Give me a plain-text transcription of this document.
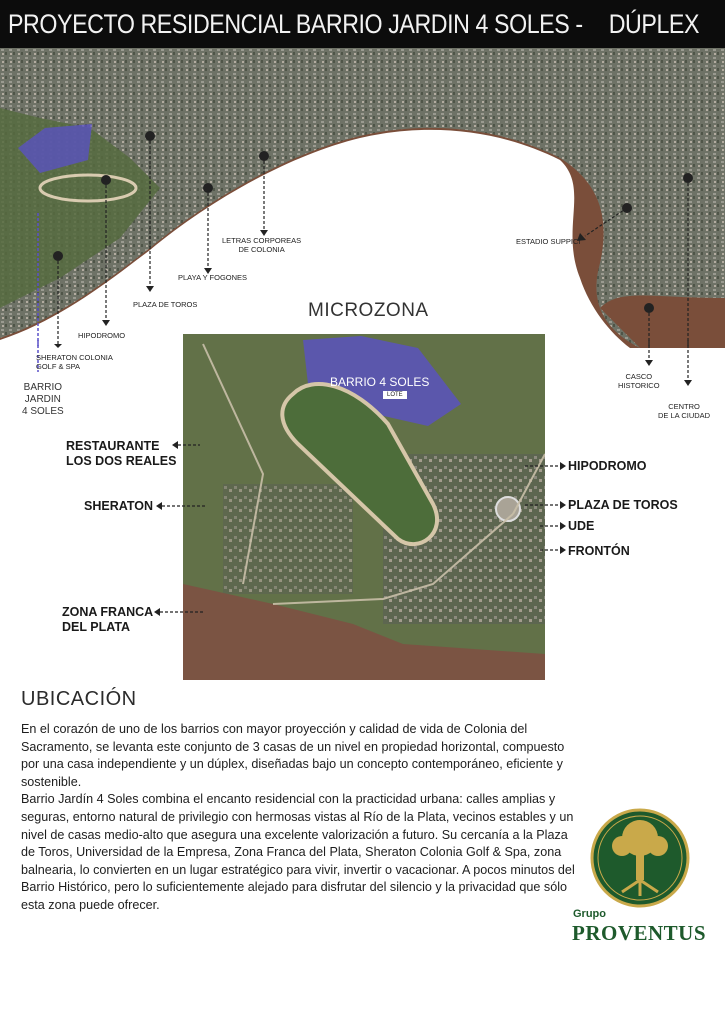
PROYECTO RESIDENCIAL BARRIO JARDIN 4 SOLES - DÚPLEX
LETRAS CORPOREAS
DE COLONIA
PLAYA Y FOGONES
PLAZA DE TOROS
HIPODROMO
SHERATON COLONIA
GOLF & SPA
ESTADIO SUPPICI
CASCO
HISTORICO
CENTRO
DE LA CIUDAD
BARRIO
JARDIN
4 SOLES
MICROZONA
BARRIO 4 SOLES
LOTE
RESTAURANTE
LOS DOS REALES
SHERATON
ZONA FRANCA
DEL PLATA
HIPODROMO
PLAZA DE TOROS
UDE
FRONTÓN
UBICACIÓN

En el corazón de uno de los barrios con mayor proyección y calidad de vida de Colonia del Sacramento, se levanta este conjunto de 3 casas de un nivel en propiedad horizontal, compuesto por una casa independiente y un dúplex, diseñadas bajo un concepto contemporáneo, eficiente y sostenible.

Barrio Jardín 4 Soles combina el encanto residencial con la practicidad urbana: calles amplias y seguras, entorno natural de privilegio con hermosas vistas al Río de la Plata, vecinos estables y un nivel de casas medio-alto que asegura una excelente valorización a futuro. Su cercanía a la Plaza de Toros, Universidad de la Empresa, Zona Franca del Plata, Sheraton Colonia Golf & Spa, zona balnearia, lo convierten en un lugar estratégico para vivir, invertir o vacacionar. A pocos minutos del Barrio Histórico, pero lo suficientemente alejado para disfrutar del silencio y la privacidad que sólo esta zona puede ofrecer.

Grupo
PROVENTUS
